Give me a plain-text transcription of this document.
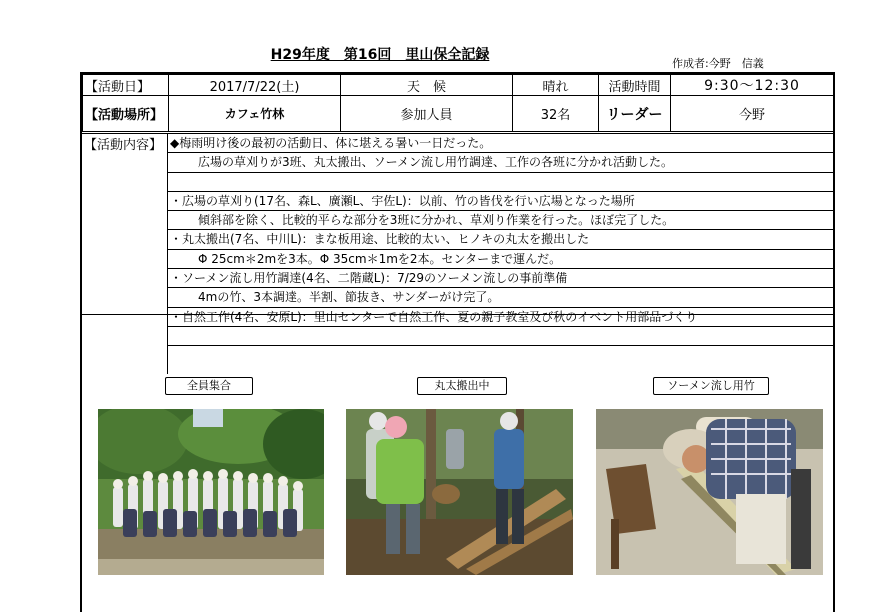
H29年度　第16回　里山保全記録
作成者:今野　信義
【活動日】	2017/7/22(土)	天　候	晴れ	活動時間	9:30～12:30
【活動場所】	カフェ竹林	参加人員	32名	リーダー	今野
【活動内容】 ◆梅雨明け後の最初の活動日、体に堪える暑い一日だった。
広場の草刈りが3班、丸太搬出、ソーメン流し用竹調達、工作の各班に分かれ活動した。
・広場の草刈り(17名、森L、廣瀬L、宇佐L)：以前、竹の皆伐を行い広場となった場所
傾斜部を除く、比較的平らな部分を3班に分かれ、草刈り作業を行った。ほぼ完了した。
・丸太搬出(7名、中川L)：まな板用途、比較的太い、ヒノキの丸太を搬出した
Φ 25cm＊2mを3本。Φ 35cm＊1mを2本。センターまで運んだ。
・ソーメン流し用竹調達(4名、二階蔵L)：7/29のソーメン流しの事前準備
4mの竹、3本調達。半割、節抜き、サンダーがけ完了。
・自然工作(4名、安原L)：里山センターで自然工作、夏の親子教室及び秋のイベント用部品づくり
全員集合	丸太搬出中	ソーメン流し用竹
